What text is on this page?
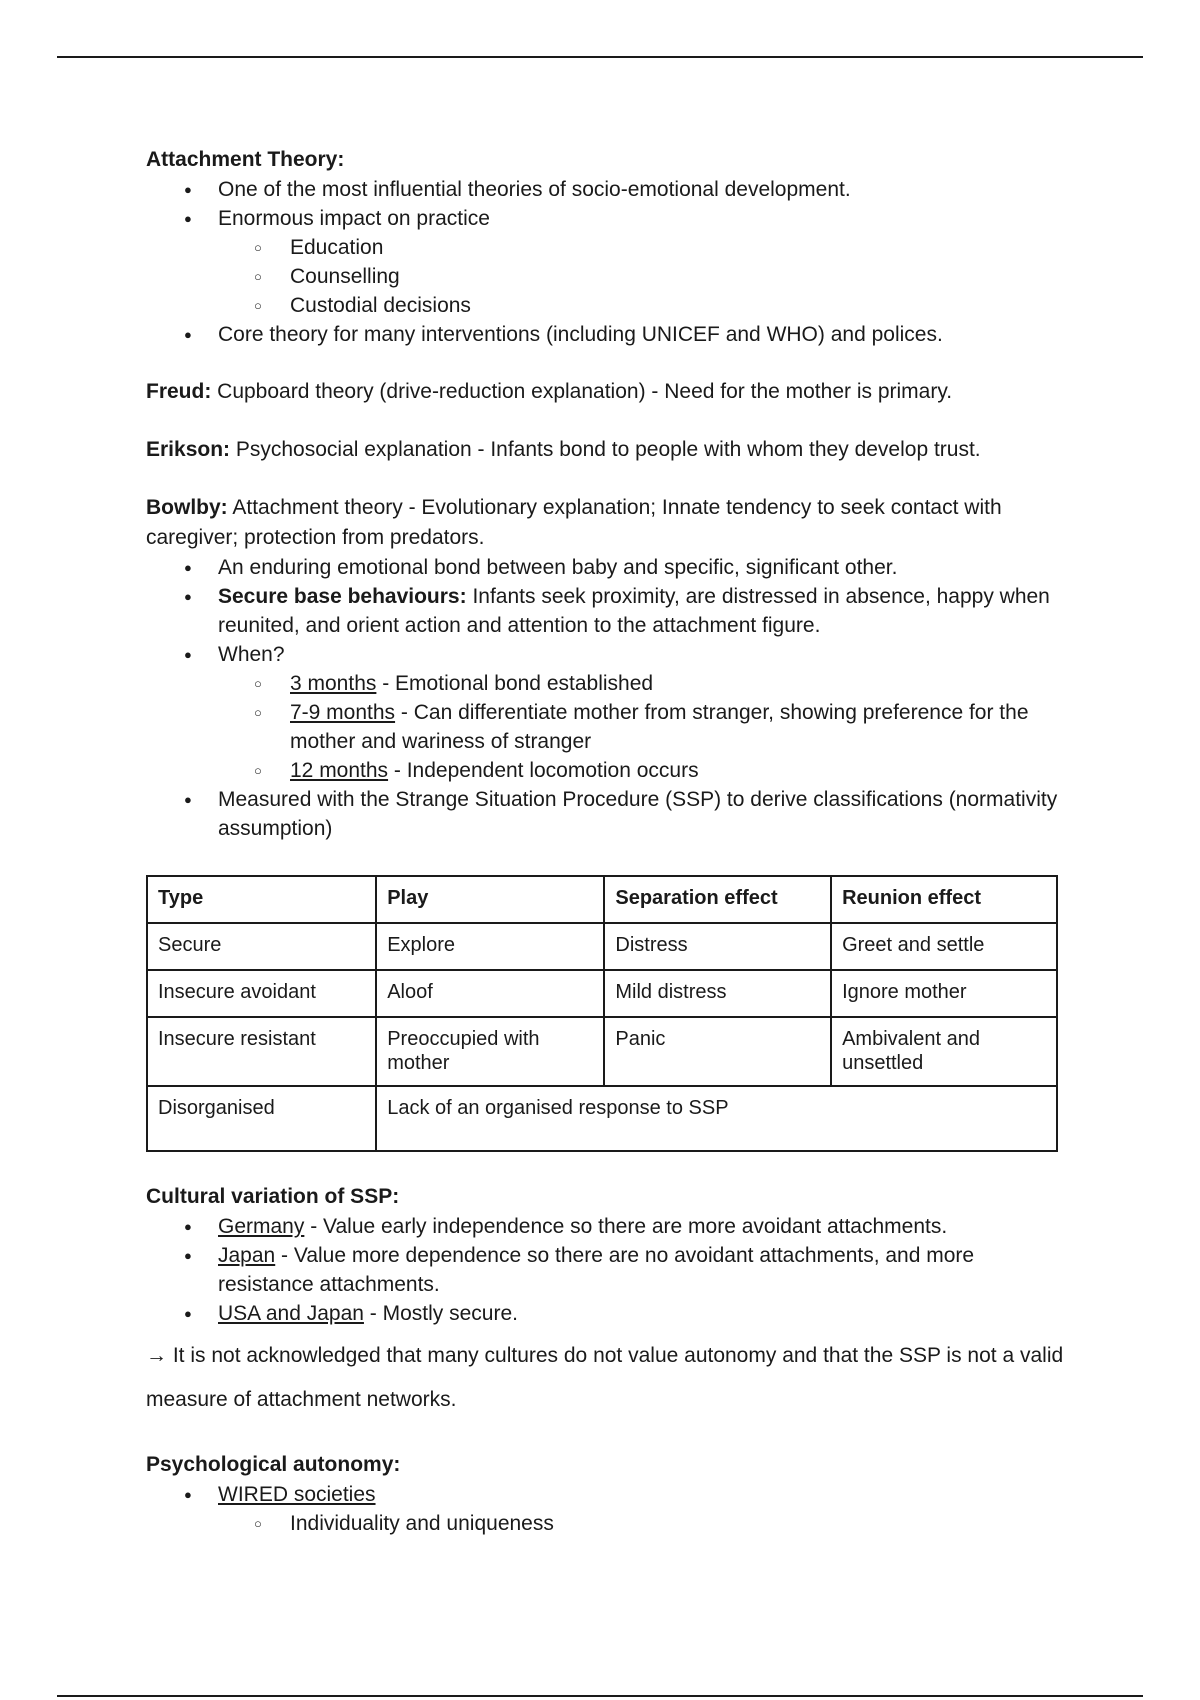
Attachment Theory:

● One of the most influential theories of socio-emotional development.
● Enormous impact on practice
○ Education
○ Counselling
○ Custodial decisions
● Core theory for many interventions (including UNICEF and WHO) and polices.

Freud: Cupboard theory (drive-reduction explanation) - Need for the mother is primary.

Erikson: Psychosocial explanation - Infants bond to people with whom they develop trust.

Bowlby: Attachment theory - Evolutionary explanation; Innate tendency to seek contact with caregiver; protection from predators.

● An enduring emotional bond between baby and specific, significant other.
● Secure base behaviours: Infants seek proximity, are distressed in absence, happy when reunited, and orient action and attention to the attachment figure.
● When?
○ 3 months - Emotional bond established
○ 7-9 months - Can differentiate mother from stranger, showing preference for the mother and wariness of stranger
○ 12 months - Independent locomotion occurs
● Measured with the Strange Situation Procedure (SSP) to derive classifications (normativity assumption)
Type	Play	Separation effect	Reunion effect
Secure	Explore	Distress	Greet and settle
Insecure avoidant	Aloof	Mild distress	Ignore mother
Insecure resistant	Preoccupied with mother	Panic	Ambivalent and unsettled
Disorganised	Lack of an organised response to SSP		

Cultural variation of SSP:

● Germany - Value early independence so there are more avoidant attachments.
● Japan - Value more dependence so there are no avoidant attachments, and more resistance attachments.
● USA and Japan - Mostly secure.

→ It is not acknowledged that many cultures do not value autonomy and that the SSP is not a valid measure of attachment networks.

Psychological autonomy:

● WIRED societies
○ Individuality and uniqueness
